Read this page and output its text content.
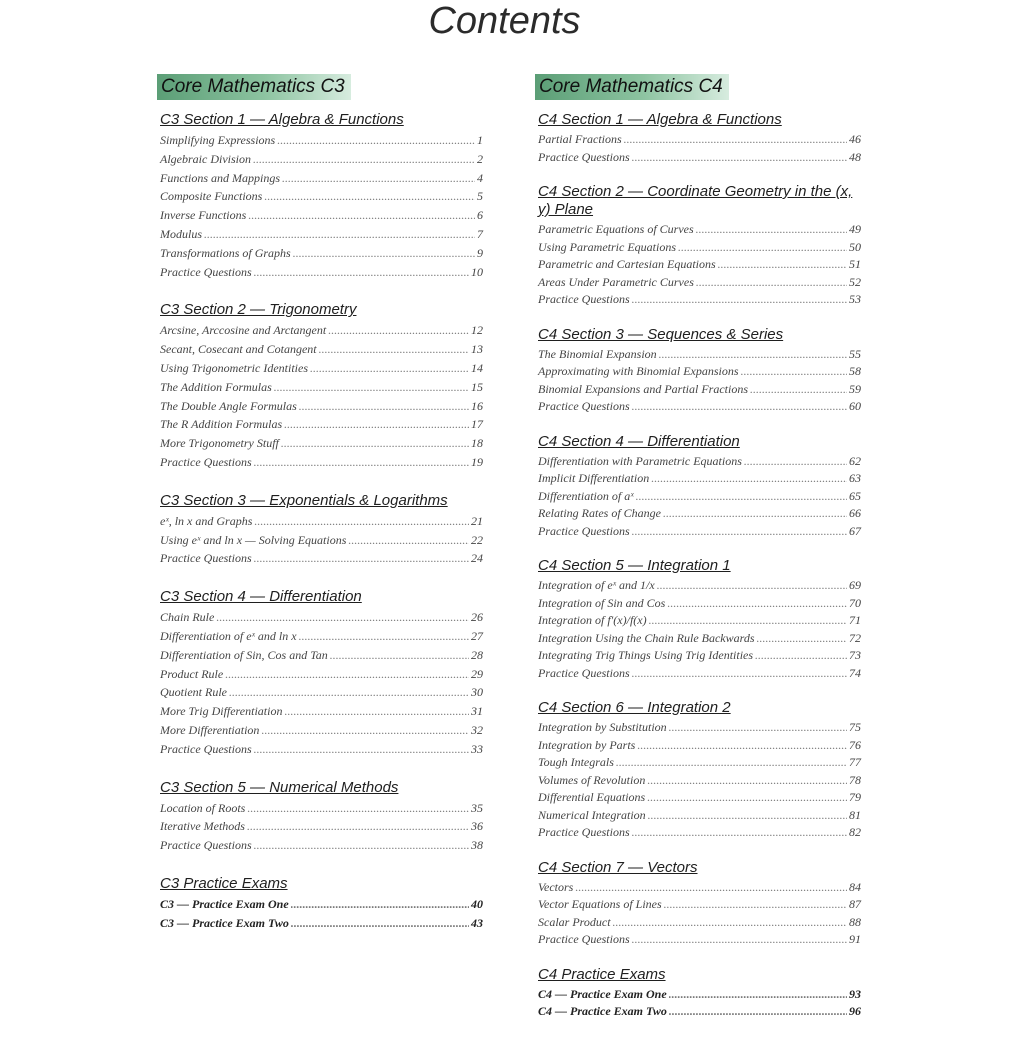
Contents
Core Mathematics C3
C3 Section 1 — Algebra & Functions
Simplifying Expressions .....	1
Algebraic Division .....	2
Functions and Mappings .....	4
Composite Functions .....	5
Inverse Functions .....	6
Modulus .....	7
Transformations of Graphs .....	9
Practice Questions .....	10
C3 Section 2 — Trigonometry
Arcsine, Arccosine and Arctangent .....	12
Secant, Cosecant and Cotangent .....	13
Using Trigonometric Identities .....	14
The Addition Formulas .....	15
The Double Angle Formulas .....	16
The R Addition Formulas .....	17
More Trigonometry Stuff .....	18
Practice Questions .....	19
C3 Section 3 — Exponentials & Logarithms
eˣ, ln x and Graphs .....	21
Using eˣ and ln x — Solving Equations .....	22
Practice Questions .....	24
C3 Section 4 — Differentiation
Chain Rule .....	26
Differentiation of eˣ and ln x .....	27
Differentiation of Sin, Cos and Tan .....	28
Product Rule .....	29
Quotient Rule .....	30
More Trig Differentiation .....	31
More Differentiation .....	32
Practice Questions .....	33
C3 Section 5 — Numerical Methods
Location of Roots .....	35
Iterative Methods .....	36
Practice Questions .....	38
C3 Practice Exams
C3 — Practice Exam One .....	40
C3 — Practice Exam Two .....	43
Core Mathematics C4
C4 Section 1 — Algebra & Functions
Partial Fractions .....	46
Practice Questions .....	48
C4 Section 2 — Coordinate Geometry in the (x, y) Plane
Parametric Equations of Curves .....	49
Using Parametric Equations .....	50
Parametric and Cartesian Equations .....	51
Areas Under Parametric Curves .....	52
Practice Questions .....	53
C4 Section 3 — Sequences & Series
The Binomial Expansion .....	55
Approximating with Binomial Expansions .....	58
Binomial Expansions and Partial Fractions .....	59
Practice Questions .....	60
C4 Section 4 — Differentiation
Differentiation with Parametric Equations .....	62
Implicit Differentiation .....	63
Differentiation of aˣ .....	65
Relating Rates of Change .....	66
Practice Questions .....	67
C4 Section 5 — Integration 1
Integration of eˣ and 1/x .....	69
Integration of Sin and Cos .....	70
Integration of f′(x)/f(x) .....	71
Integration Using the Chain Rule Backwards .....	72
Integrating Trig Things Using Trig Identities .....	73
Practice Questions .....	74
C4 Section 6 — Integration 2
Integration by Substitution .....	75
Integration by Parts .....	76
Tough Integrals .....	77
Volumes of Revolution .....	78
Differential Equations .....	79
Numerical Integration .....	81
Practice Questions .....	82
C4 Section 7 — Vectors
Vectors .....	84
Vector Equations of Lines .....	87
Scalar Product .....	88
Practice Questions .....	91
C4 Practice Exams
C4 — Practice Exam One .....	93
C4 — Practice Exam Two .....	96
